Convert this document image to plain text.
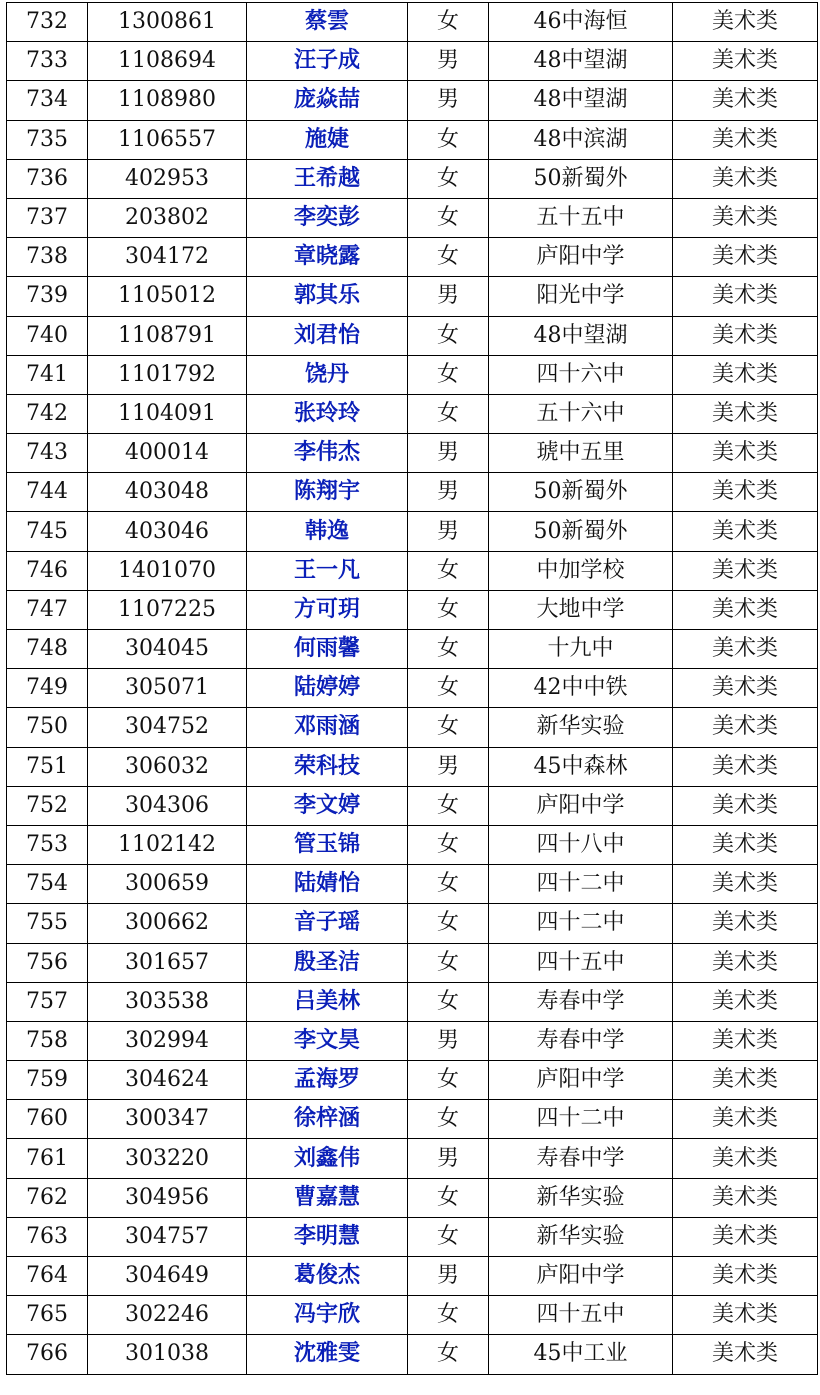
732	1300861	蔡雲	女	46中海恒	美术类
733	1108694	汪子成	男	48中望湖	美术类
734	1108980	庞焱喆	男	48中望湖	美术类
735	1106557	施婕	女	48中滨湖	美术类
736	402953	王希越	女	50新蜀外	美术类
737	203802	李奕彭	女	五十五中	美术类
738	304172	章晓露	女	庐阳中学	美术类
739	1105012	郭其乐	男	阳光中学	美术类
740	1108791	刘君怡	女	48中望湖	美术类
741	1101792	饶丹	女	四十六中	美术类
742	1104091	张玲玲	女	五十六中	美术类
743	400014	李伟杰	男	琥中五里	美术类
744	403048	陈翔宇	男	50新蜀外	美术类
745	403046	韩逸	男	50新蜀外	美术类
746	1401070	王一凡	女	中加学校	美术类
747	1107225	方可玥	女	大地中学	美术类
748	304045	何雨馨	女	十九中	美术类
749	305071	陆婷婷	女	42中中铁	美术类
750	304752	邓雨涵	女	新华实验	美术类
751	306032	荣科技	男	45中森林	美术类
752	304306	李文婷	女	庐阳中学	美术类
753	1102142	管玉锦	女	四十八中	美术类
754	300659	陆婧怡	女	四十二中	美术类
755	300662	音子瑶	女	四十二中	美术类
756	301657	殷圣洁	女	四十五中	美术类
757	303538	吕美林	女	寿春中学	美术类
758	302994	李文昊	男	寿春中学	美术类
759	304624	孟海罗	女	庐阳中学	美术类
760	300347	徐梓涵	女	四十二中	美术类
761	303220	刘鑫伟	男	寿春中学	美术类
762	304956	曹嘉慧	女	新华实验	美术类
763	304757	李明慧	女	新华实验	美术类
764	304649	葛俊杰	男	庐阳中学	美术类
765	302246	冯宇欣	女	四十五中	美术类
766	301038	沈雅雯	女	45中工业	美术类
